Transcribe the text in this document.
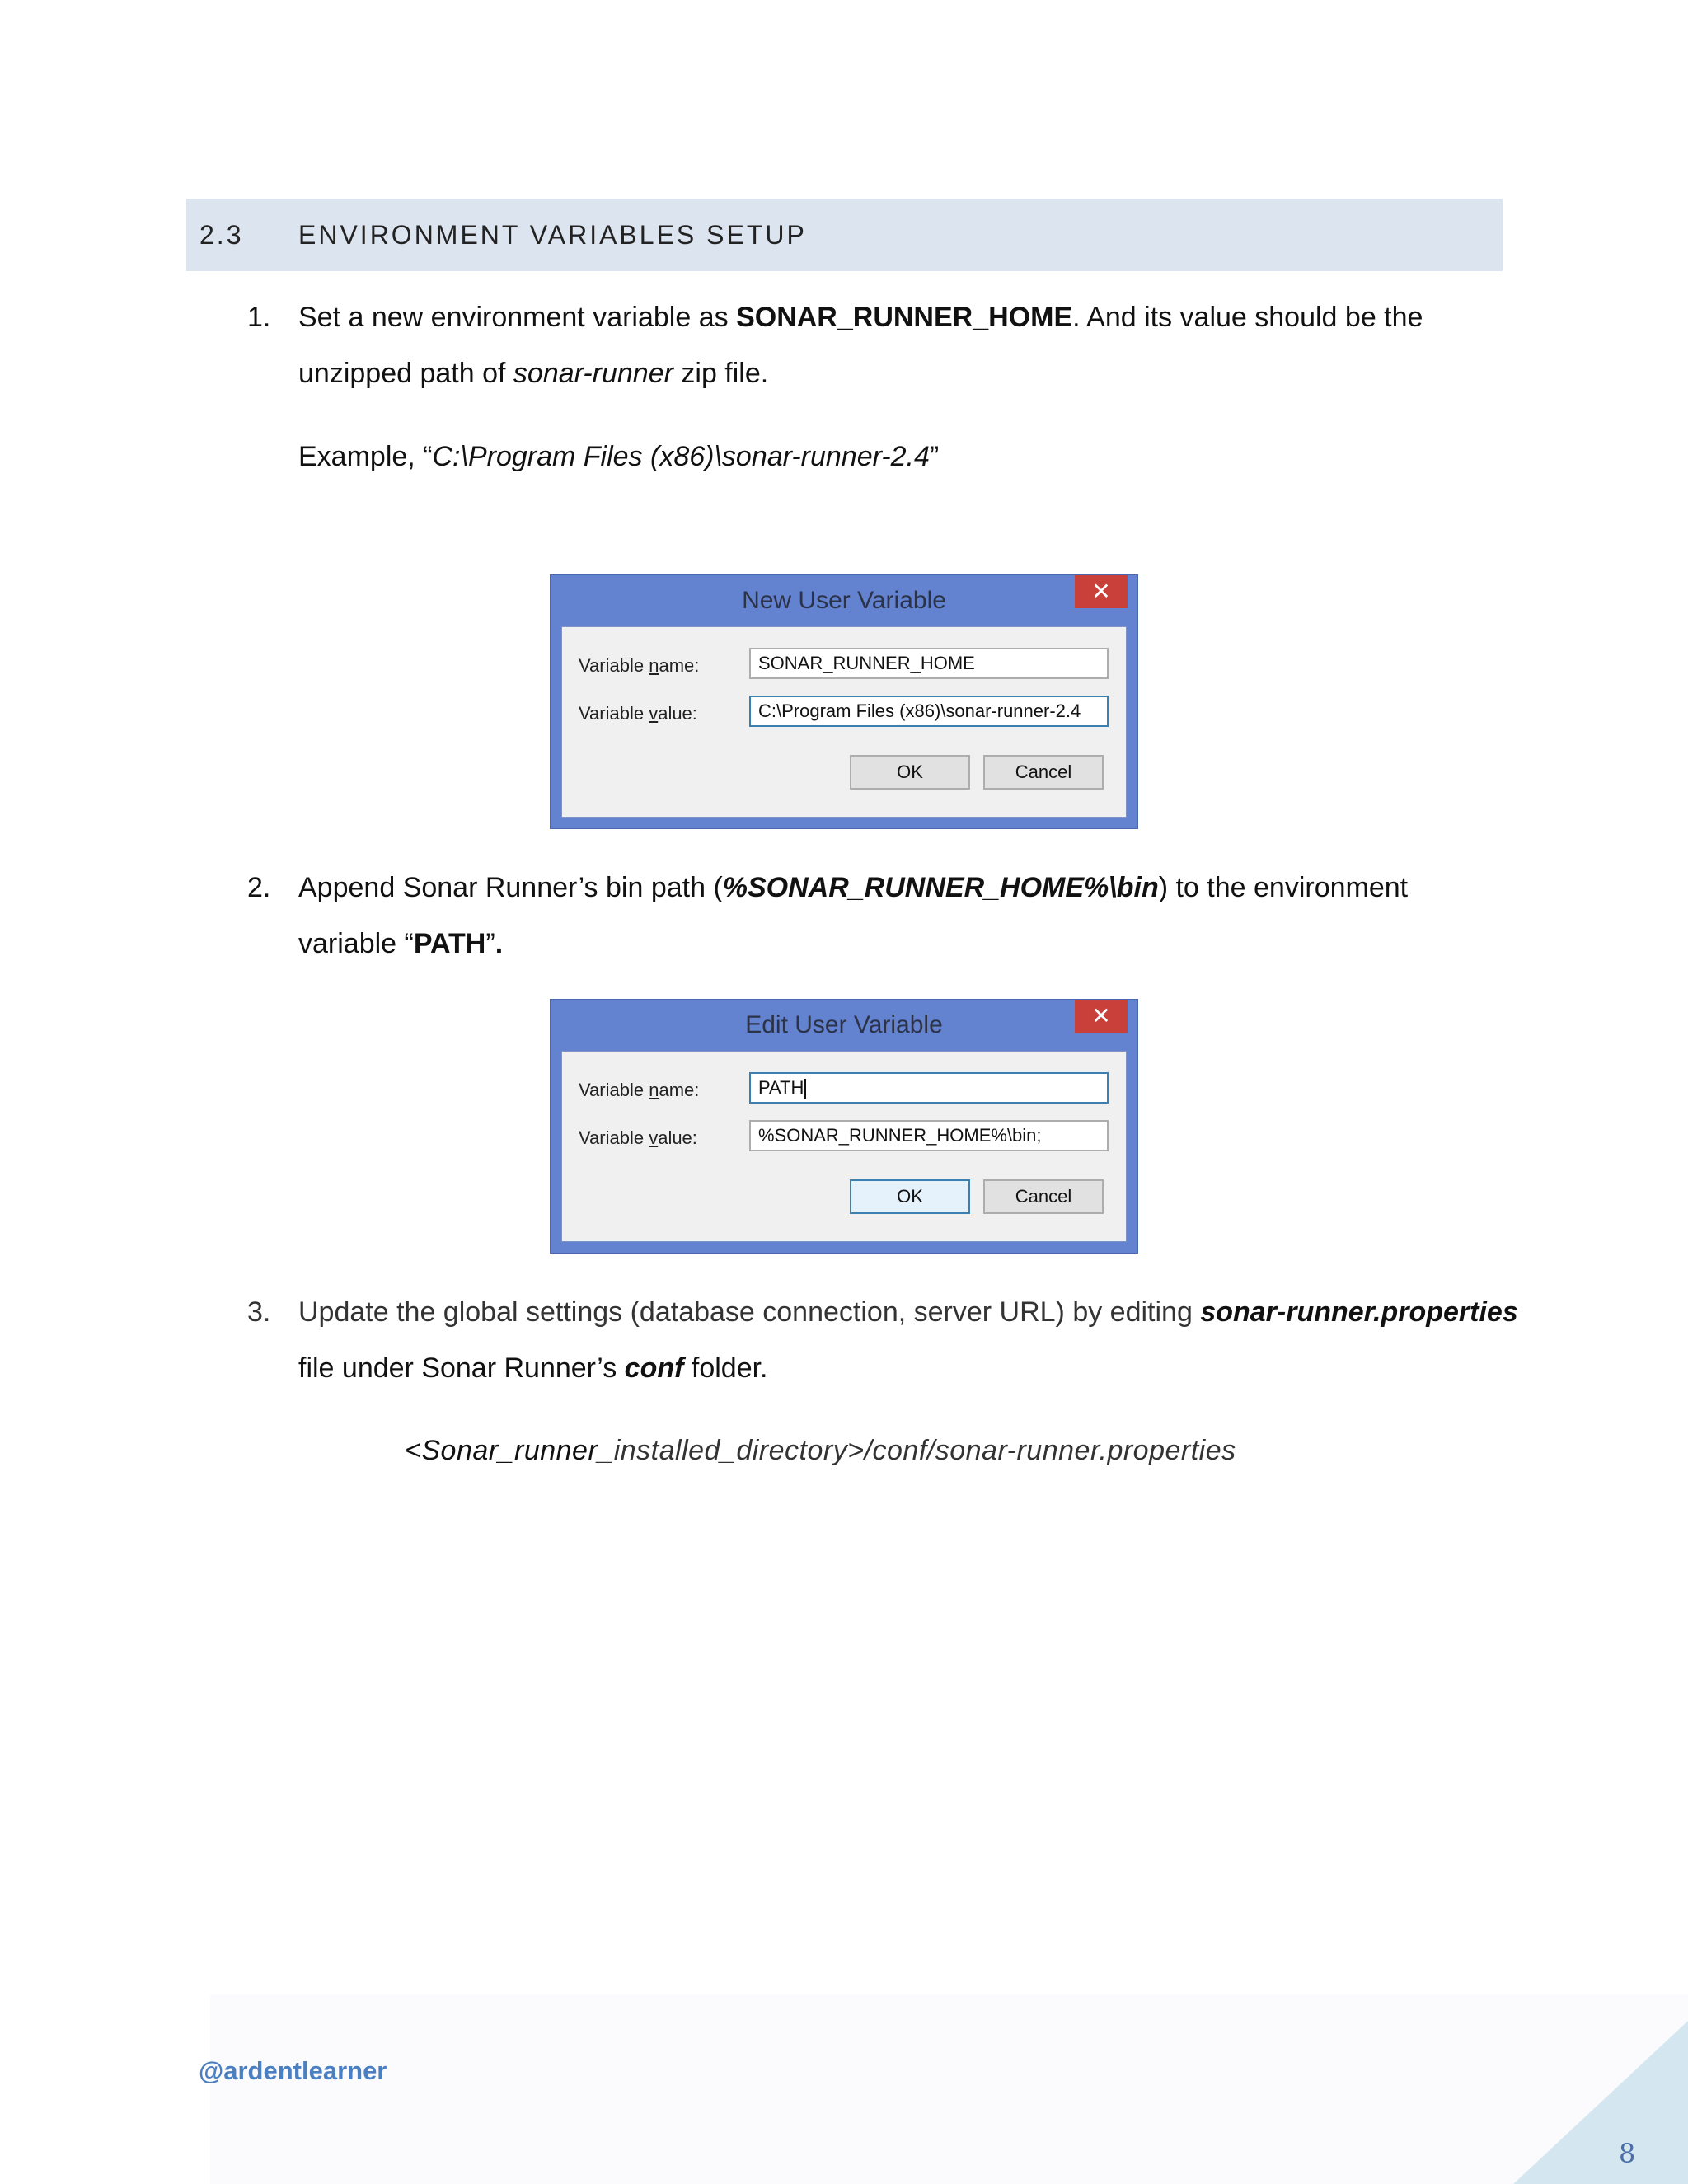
2.3 ENVIRONMENT VARIABLES SETUP
1. Set a new environment variable as SONAR_RUNNER_HOME. And its value should be the
unzipped path of sonar-runner zip file.
Example, “C:\Program Files (x86)\sonar-runner-2.4”
New User Variable	✕
Variable name:	SONAR_RUNNER_HOME
Variable value:	C:\Program Files (x86)\sonar-runner-2.4
OK	Cancel
2. Append Sonar Runner’s bin path (%SONAR_RUNNER_HOME%\bin) to the environment
variable “PATH”.
Edit User Variable	✕
Variable name:	PATH
Variable value:	%SONAR_RUNNER_HOME%\bin;
OK	Cancel
3. Update the global settings (database connection, server URL) by editing sonar-runner.properties
file under Sonar Runner’s conf folder.
<Sonar_runner_installed_directory>/conf/sonar-runner.properties
@ardentlearner
8
